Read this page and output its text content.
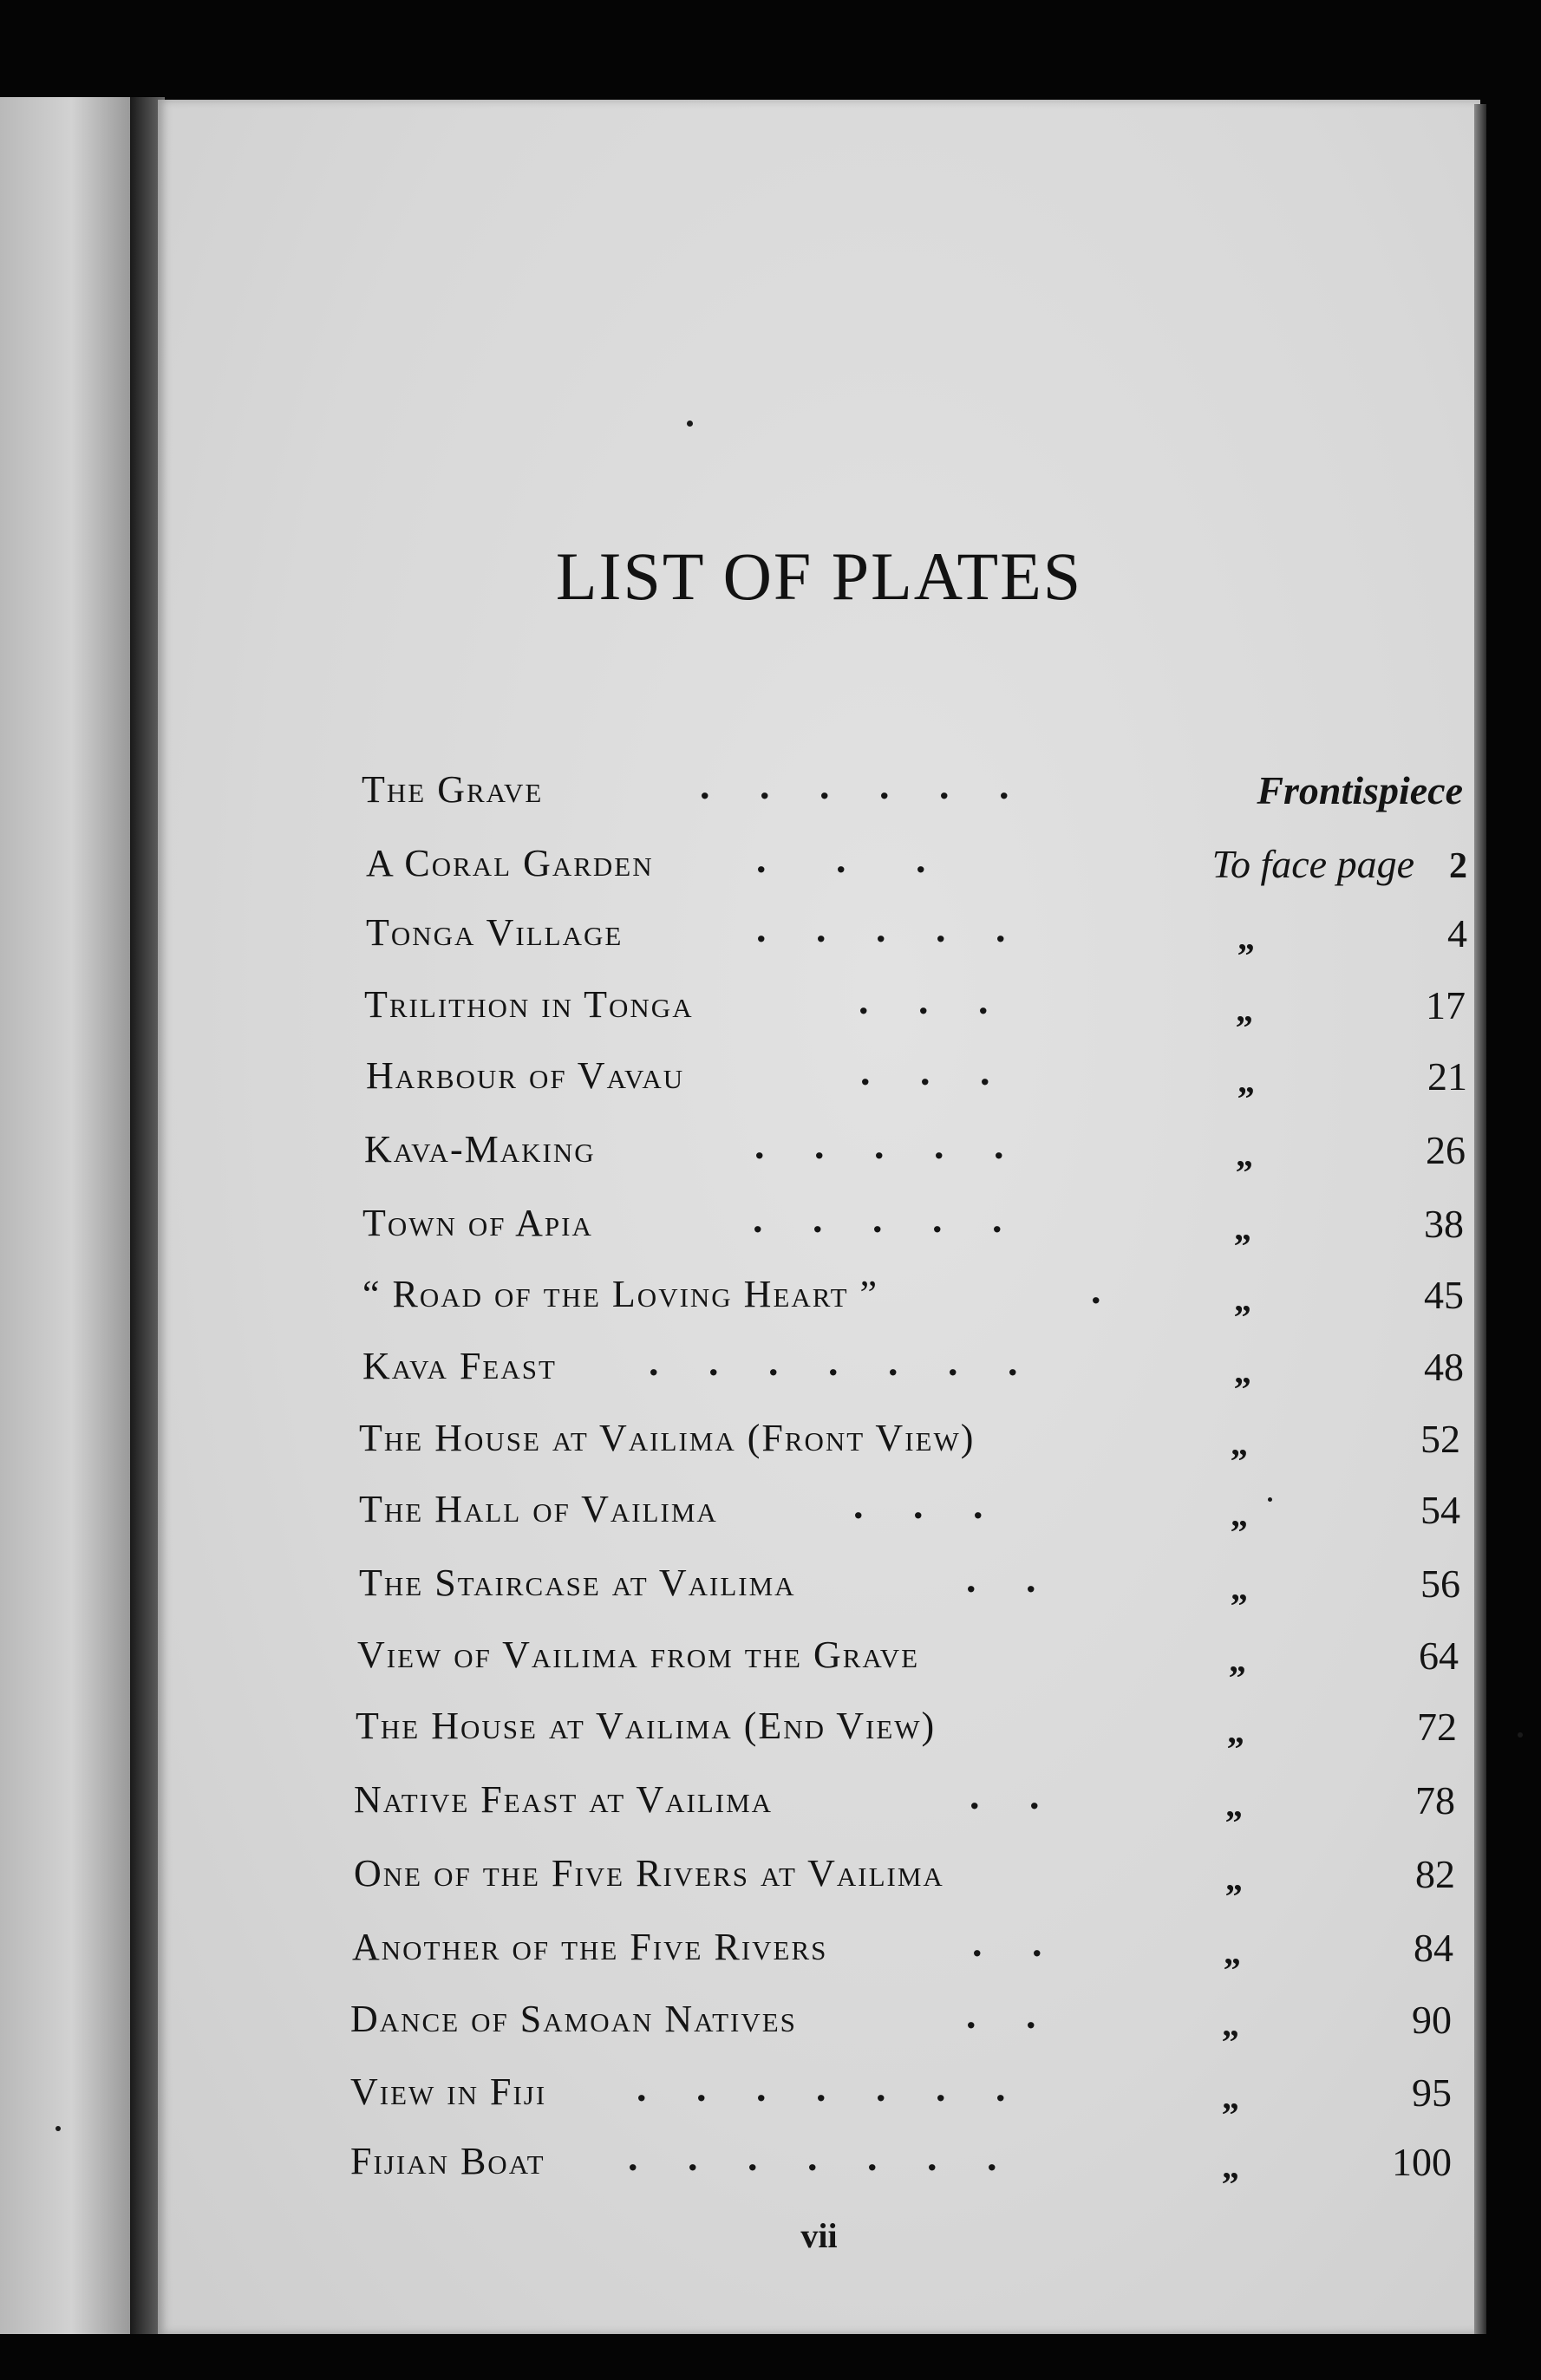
LIST OF PLATES
The Grave	.     .     .     .     .     .	Frontispiece
A Coral Garden	.       .       .	To face page 2
Tonga Village	.     .     .     .     .	„	4
Trilithon in Tonga	.     .     .	„	17
Harbour of Vavau	.     .     .	„	21
Kava-Making	.     .     .     .     .	„	26
Town of Apia	.     .     .     .     .	„	38
“ Road of the Loving Heart ”	.	„	45
Kava Feast .     .     .     .     .     .     .	„	48
The House at Vailima (Front View)	„	52
The Hall of Vailima	.     .     .	„	54
The Staircase at Vailima	.     .	„	56
View of Vailima from the Grave	„	64
The House at Vailima (End View)	„	72
Native Feast at Vailima	.     .	„	78
One of the Five Rivers at Vailima	„	82
Another of the Five Rivers	.     .	„	84
Dance of Samoan Natives	.     .	„	90
View in Fiji .     .     .     .     .     .     .	„	95
Fijian Boat .     .     .     .     .     .     .	„	100
vii
